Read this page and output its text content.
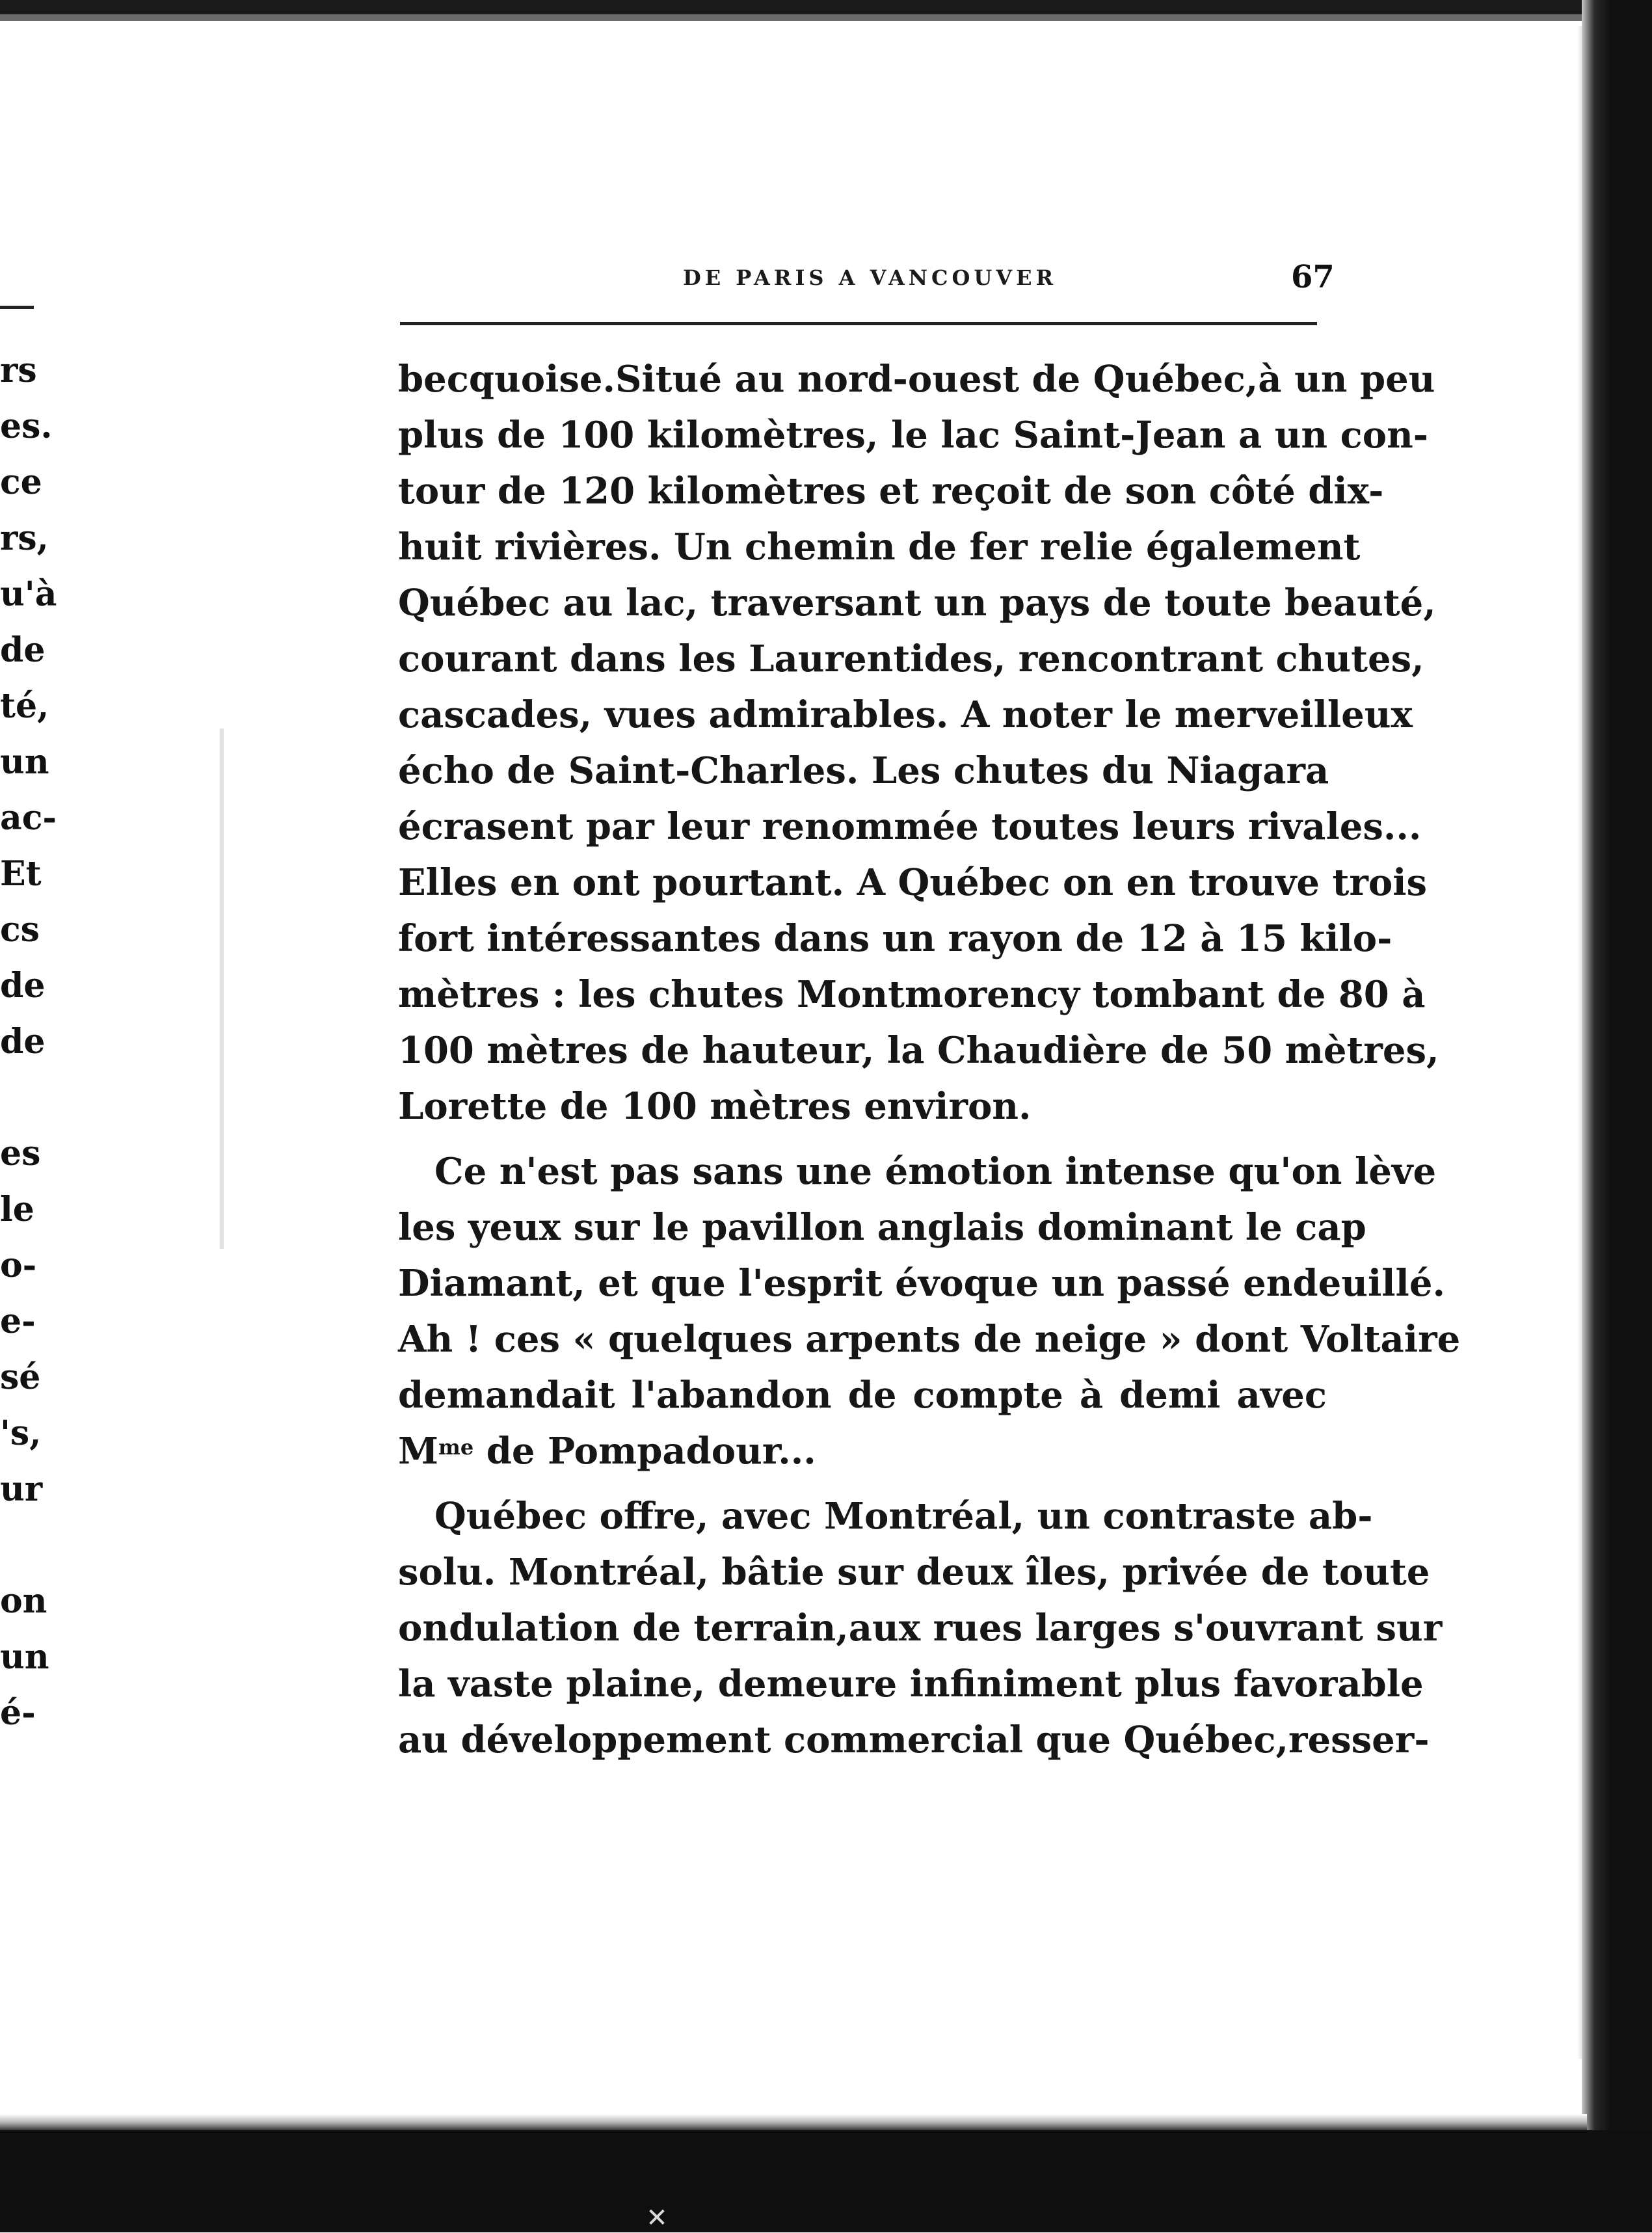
✕
rs
es.
ce
rs,
u'à
de
té,
un
ac-
Et
cs
de
de
es
le
o-
e-
sé
's,
ur
on
un
é-
DE PARIS A VANCOUVER	67
becquoise.Situé au nord-ouest de Québec,à un peu
plus de 100 kilomètres, le lac Saint-Jean a un con-
tour de 120 kilomètres et reçoit de son côté dix-
huit rivières. Un chemin de fer relie également
Québec au lac, traversant un pays de toute beauté,
courant dans les Laurentides, rencontrant chutes,
cascades, vues admirables. A noter le merveilleux
écho de Saint-Charles. Les chutes du Niagara
écrasent par leur renommée toutes leurs rivales...
Elles en ont pourtant. A Québec on en trouve trois
fort intéressantes dans un rayon de 12 à 15 kilo-
mètres : les chutes Montmorency tombant de 80 à
100 mètres de hauteur, la Chaudière de 50 mètres,
Lorette de 100 mètres environ.
Ce n'est pas sans une émotion intense qu'on lève
les yeux sur le pavillon anglais dominant le cap
Diamant, et que l'esprit évoque un passé endeuillé.
Ah ! ces « quelques arpents de neige » dont Voltaire
demandait l'abandon de compte à demi avec
$M^{me}$ de Pompadour...
Québec offre, avec Montréal, un contraste ab-
solu. Montréal, bâtie sur deux îles, privée de toute
ondulation de terrain,aux rues larges s'ouvrant sur
la vaste plaine, demeure infiniment plus favorable
au développement commercial que Québec,resser-
